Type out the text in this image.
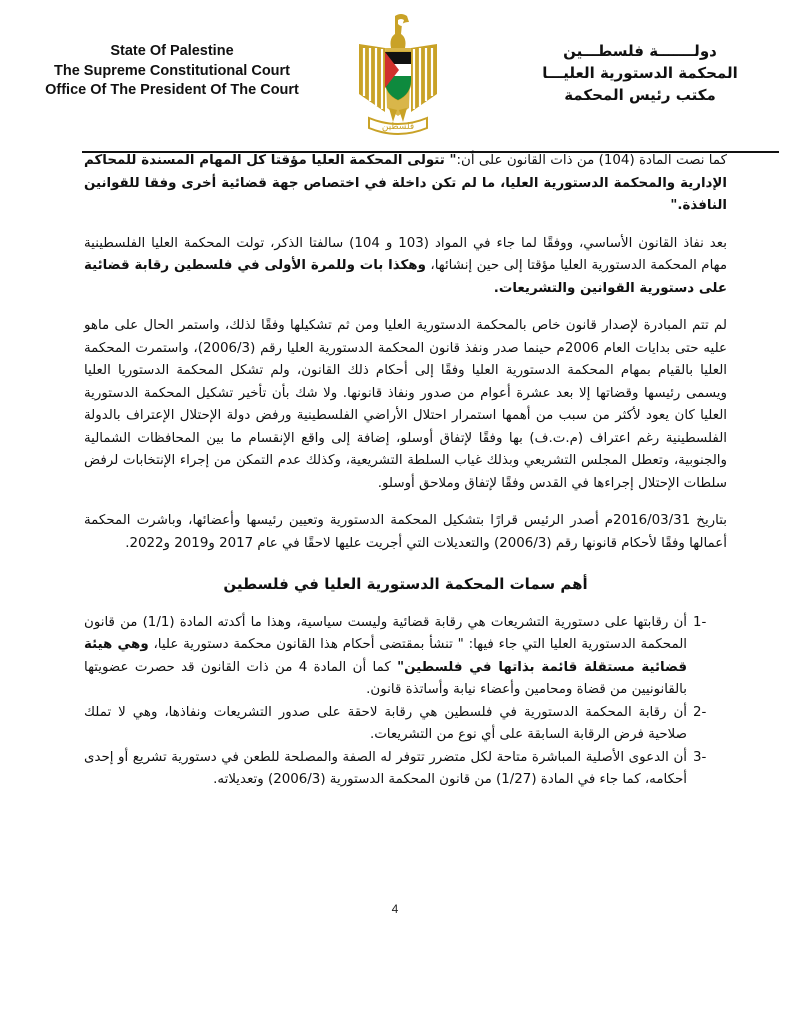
State Of Palestine
The Supreme Constitutional Court
Office Of The President Of The Court
فلسطين
دولـــــــة فلسطـــين
المحكمة الدستورية العليـــا
مكتب رئيس المحكمة

كما نصت المادة (104) من ذات القانون على أن:" تتولى المحكمة العليا مؤقتا كل المهام المسندة للمحاكم الإدارية والمحكمة الدستورية العليا، ما لم تكن داخلة في اختصاص جهة قضائية أخرى وفقا للقوانين النافذة."

بعد نفاذ القانون الأساسي، ووفقًا لما جاء في المواد (103 و 104) سالفتا الذكر، تولت المحكمة العليا الفلسطينية مهام المحكمة الدستورية العليا مؤقتا إلى حين إنشائها، وهكذا بات وللمرة الأولى في فلسطين رقابة قضائية على دستورية القوانين والتشريعات.

لم تتم المبادرة لإصدار قانون خاص بالمحكمة الدستورية العليا ومن ثم تشكيلها وفقًا لذلك، واستمر الحال على ماهو عليه حتى بدايات العام 2006م حينما صدر ونفذ قانون المحكمة الدستورية العليا رقم (2006/3)، واستمرت المحكمة العليا بالقيام بمهام المحكمة الدستورية العليا وفقًا إلى أحكام ذلك القانون، ولم تشكل المحكمة الدستوريا العليا ويسمى رئيسها وقضاتها إلا بعد عشرة أعوام من صدور ونفاذ قانونها. ولا شك بأن تأخير تشكيل المحكمة الدستورية العليا كان يعود لأكثر من سبب من أهمها استمرار احتلال الأراضي الفلسطينية ورفض دولة الإحتلال الإعتراف بالدولة الفلسطينية رغم اعتراف (م.ت.ف) بها وفقًا لإتفاق أوسلو، إضافة إلى واقع الإنقسام ما بين المحافظات الشمالية والجنوبية، وتعطل المجلس التشريعي وبذلك غياب السلطة التشريعية، وكذلك عدم التمكن من إجراء الإنتخابات لرفض سلطات الإحتلال إجراءها في القدس وفقًا لإتفاق وملاحق أوسلو.

بتاريخ 2016/03/31م أصدر الرئيس قرارًا بتشكيل المحكمة الدستورية وتعيين رئيسها وأعضائها، وباشرت المحكمة أعمالها وفقًا لأحكام قانونها رقم (2006/3) والتعديلات التي أجريت عليها لاحقًا في عام 2017 و2019 و2022.

أهم سمات المحكمة الدستورية العليا في فلسطين
1-
أن رقابتها على دستورية التشريعات هي رقابة قضائية وليست سياسية، وهذا ما أكدته المادة (1/1) من قانون المحكمة الدستورية العليا التي جاء فيها: " تنشأ بمقتضى أحكام هذا القانون محكمة دستورية عليا، وهي هيئة قضائية مستقلة قائمة بذاتها في فلسطين" كما أن المادة 4 من ذات القانون قد حصرت عضويتها بالقانونيين من قضاة ومحامين وأعضاء نيابة وأساتذة قانون.
2-
أن رقابة المحكمة الدستورية في فلسطين هي رقابة لاحقة على صدور التشريعات ونفاذها، وهي لا تملك صلاحية فرض الرقابة السابقة على أي نوع من التشريعات.
3-
أن الدعوى الأصلية المباشرة متاحة لكل متضرر تتوفر له الصفة والمصلحة للطعن في دستورية تشريع أو إحدى أحكامه، كما جاء في المادة (1/27) من قانون المحكمة الدستورية (2006/3) وتعديلاته.
4
